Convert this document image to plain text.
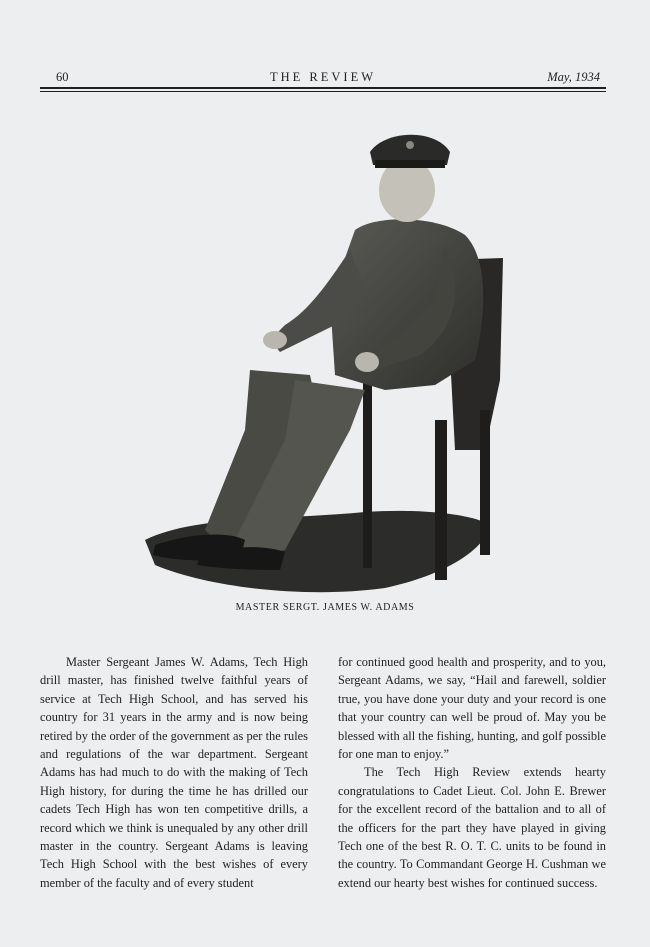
60	THE REVIEW	May, 1934
MASTER SERGT. JAMES W. ADAMS

Master Sergeant James W. Adams, Tech High drill master, has finished twelve faithful years of service at Tech High School, and has served his country for 31 years in the army and is now being retired by the order of the government as per the rules and regulations of the war department. Sergeant Adams has had much to do with the making of Tech High history, for during the time he has drilled our cadets Tech High has won ten competitive drills, a record which we think is unequaled by any other drill master in the country. Sergeant Adams is leaving Tech High School with the best wishes of every member of the faculty and of every student

for continued good health and prosperity, and to you, Sergeant Adams, we say, “Hail and farewell, soldier true, you have done your duty and your record is one that your country can well be proud of. May you be blessed with all the fishing, hunting, and golf possible for one man to enjoy.”

The Tech High Review extends hearty congratulations to Cadet Lieut. Col. John E. Brewer for the excellent record of the battalion and to all of the officers for the part they have played in giving Tech one of the best R. O. T. C. units to be found in the country. To Commandant George H. Cushman we extend our hearty best wishes for continued success.
